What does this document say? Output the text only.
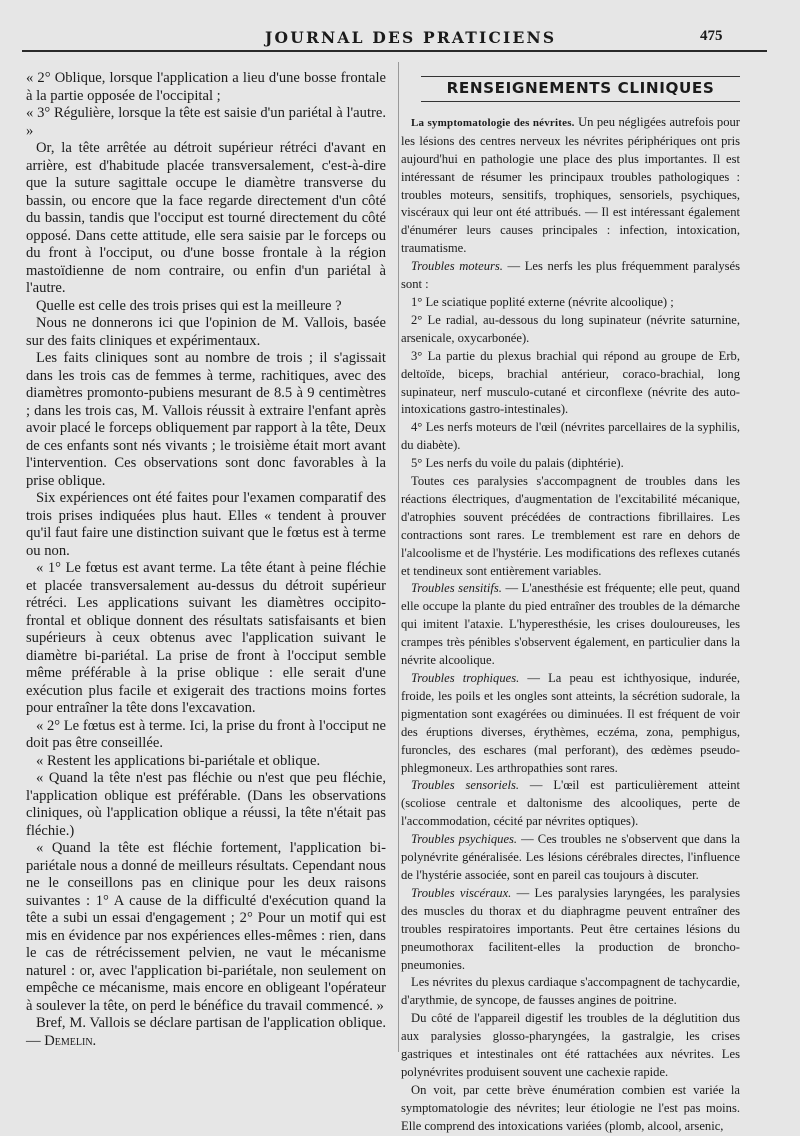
JOURNAL DES PRATICIENS	475

« 2° Oblique, lorsque l'application a lieu d'une bosse frontale à la partie opposée de l'occipital ;

« 3° Régulière, lorsque la tête est saisie d'un pariétal à l'autre. »

Or, la tête arrêtée au détroit supérieur rétréci d'avant en arrière, est d'habitude placée transversalement, c'est-à-dire que la suture sagittale occupe le diamètre transverse du bassin, ou encore que la face regarde directement d'un côté du bassin, tandis que l'occiput est tourné directement du côté opposé. Dans cette attitude, elle sera saisie par le forceps ou du front à l'occiput, ou d'une bosse frontale à la région mastoïdienne de nom contraire, ou enfin d'un pariétal à l'autre.

Quelle est celle des trois prises qui est la meilleure ?

Nous ne donnerons ici que l'opinion de M. Vallois, basée sur des faits cliniques et expérimentaux.

Les faits cliniques sont au nombre de trois ; il s'agissait dans les trois cas de femmes à terme, rachitiques, avec des diamètres promonto-pubiens mesurant de 8.5 à 9 centimètres ; dans les trois cas, M. Vallois réussit à extraire l'enfant après avoir placé le forceps obliquement par rapport à la tête, Deux de ces enfants sont nés vivants ; le troisième était mort avant l'intervention. Ces observations sont donc favorables à la prise oblique.

Six expériences ont été faites pour l'examen comparatif des trois prises indiquées plus haut. Elles « tendent à prouver qu'il faut faire une distinction suivant que le fœtus est à terme ou non.

« 1° Le fœtus est avant terme. La tête étant à peine fléchie et placée transversalement au-dessus du détroit supérieur rétréci. Les applications suivant les diamètres occipito-frontal et oblique donnent des résultats satisfaisants et bien supérieurs à ceux obtenus avec l'application suivant le diamètre bi-pariétal. La prise de front à l'occiput semble même préférable à la prise oblique : elle serait d'une exécution plus facile et exigerait des tractions moins fortes pour entraîner la tête dons l'excavation.

« 2° Le fœtus est à terme. Ici, la prise du front à l'occiput ne doit pas être conseillée.

« Restent les applications bi-pariétale et oblique.

« Quand la tête n'est pas fléchie ou n'est que peu fléchie, l'application oblique est préférable. (Dans les observations cliniques, où l'application oblique a réussi, la tête n'était pas fléchie.)

« Quand la tête est fléchie fortement, l'application bi-pariétale nous a donné de meilleurs résultats. Cependant nous ne le conseillons pas en clinique pour les deux raisons suivantes : 1° A cause de la difficulté d'exécution quand la tête a subi un essai d'engagement ; 2° Pour un motif qui est mis en évidence par nos expériences elles-mêmes : rien, dans le cas de rétrécissement pelvien, ne vaut le mécanisme naturel : or, avec l'application bi-pariétale, non seulement on empêche ce mécanisme, mais encore en obligeant l'opérateur à soulever la tête, on perd le bénéfice du travail commencé. »

Bref, M. Vallois se déclare partisan de l'application oblique. — Demelin.

RENSEIGNEMENTS CLINIQUES

La symptomatologie des névrites. Un peu négligées autrefois pour les lésions des centres nerveux les névrites périphériques ont pris aujourd'hui en pathologie une place des plus importantes. Il est intéressant de résumer les principaux troubles pathologiques : troubles moteurs, sensitifs, trophiques, sensoriels, psychiques, viscéraux qui leur ont été attribués. — Il est intéressant également d'énumérer leurs causes principales : infection, intoxication, traumatisme.

Troubles moteurs. — Les nerfs les plus fréquemment paralysés sont :

1° Le sciatique poplité externe (névrite alcoolique) ;

2° Le radial, au-dessous du long supinateur (névrite saturnine, arsenicale, oxycarbonée).

3° La partie du plexus brachial qui répond au groupe de Erb, deltoïde, biceps, brachial antérieur, coraco-brachial, long supinateur, nerf musculo-cutané et circonflexe (névrite des auto-intoxications gastro-intestinales).

4° Les nerfs moteurs de l'œil (névrites parcellaires de la syphilis, du diabète).

5° Les nerfs du voile du palais (diphtérie).

Toutes ces paralysies s'accompagnent de troubles dans les réactions électriques, d'augmentation de l'excitabilité mécanique, d'atrophies souvent précédées de contractions fibrillaires. Les contractions sont rares. Le tremblement est rare en dehors de l'alcoolisme et de l'hystérie. Les modifications des reflexes cutanés et tendineux sont entièrement variables.

Troubles sensitifs. — L'anesthésie est fréquente; elle peut, quand elle occupe la plante du pied entraîner des troubles de la démarche qui imitent l'ataxie. L'hyperesthésie, les crises douloureuses, les crampes très pénibles s'observent également, en particulier dans la névrite alcoolique.

Troubles trophiques. — La peau est ichthyosique, indurée, froide, les poils et les ongles sont atteints, la sécrétion sudorale, la pigmentation sont exagérées ou diminuées. Il est fréquent de voir des éruptions diverses, érythèmes, eczéma, zona, pemphigus, furoncles, des eschares (mal perforant), des œdèmes pseudo-phlegmoneux. Les arthropathies sont rares.

Troubles sensoriels. — L'œil est particulièrement atteint (scoliose centrale et daltonisme des alcooliques, perte de l'accommodation, cécité par névrites optiques).

Troubles psychiques. — Ces troubles ne s'observent que dans la polynévrite généralisée. Les lésions cérébrales directes, l'influence de l'hystérie associée, sont en pareil cas toujours à discuter.

Troubles viscéraux. — Les paralysies laryngées, les paralysies des muscles du thorax et du diaphragme peuvent entraîner des troubles respiratoires importants. Peut être certaines lésions du pneumothorax facilitent-elles la production de broncho-pneumonies.

Les névrites du plexus cardiaque s'accompagnent de tachycardie, d'arythmie, de syncope, de fausses angines de poitrine.

Du côté de l'appareil digestif les troubles de la déglutition dus aux paralysies glosso-pharyngées, la gastralgie, les crises gastriques et intestinales ont été rattachées aux névrites. Les polynévrites produisent souvent une cachexie rapide.

On voit, par cette brève énumération combien est variée la symptomatologie des névrites; leur étiologie ne l'est pas moins. Elle comprend des intoxications variées (plomb, alcool, arsenic,
